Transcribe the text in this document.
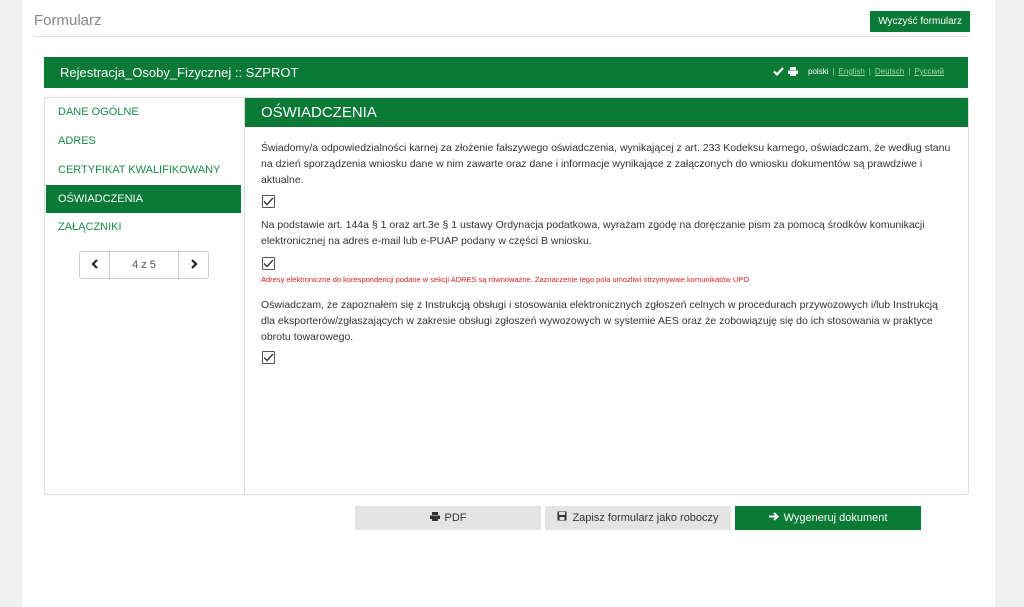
Formularz	Wyczyść formularz
Rejestracja_Osoby_Fizycznej :: SZPROT	polski | English | Deutsch | Русский
DANE OGÓLNE
ADRES
CERTYFIKAT KWALIFIKOWANY
OŚWIADCZENIA
ZAŁĄCZNIKI
4 z 5
OŚWIADCZENIA
Świadomy/a odpowiedzialności karnej za złożenie fałszywego oświadczenia, wynikającej z art. 233 Kodeksu karnego, oświadczam, że według stanu na dzień sporządzenia wniosku dane w nim zawarte oraz dane i informacje wynikające z załączonych do wniosku dokumentów są prawdziwe i aktualne.
Na podstawie art. 144a § 1 oraz art.3e § 1 ustawy Ordynacja podatkowa, wyrażam zgodę na doręczanie pism za pomocą środków komunikacji elektronicznej na adres e-mail lub e-PUAP podany w części B wniosku.
Adresy elektroniczne do korespondencji podane w sekcji ADRES są równoważne. Zaznaczenie tego pola umożliwi otrzymywaie komunikatów UPO
Oświadczam, że zapoznałem się z Instrukcją obsługi i stosowania elektronicznych zgłoszeń celnych w procedurach przywozowych i/lub Instrukcją dla eksporterów/zgłaszających w zakresie obsługi zgłoszeń wywozowych w systemie AES oraz że zobowiązuję się do ich stosowania w praktyce obrotu towarowego.
PDF	Zapisz formularz jako roboczy	Wygeneruj dokument
